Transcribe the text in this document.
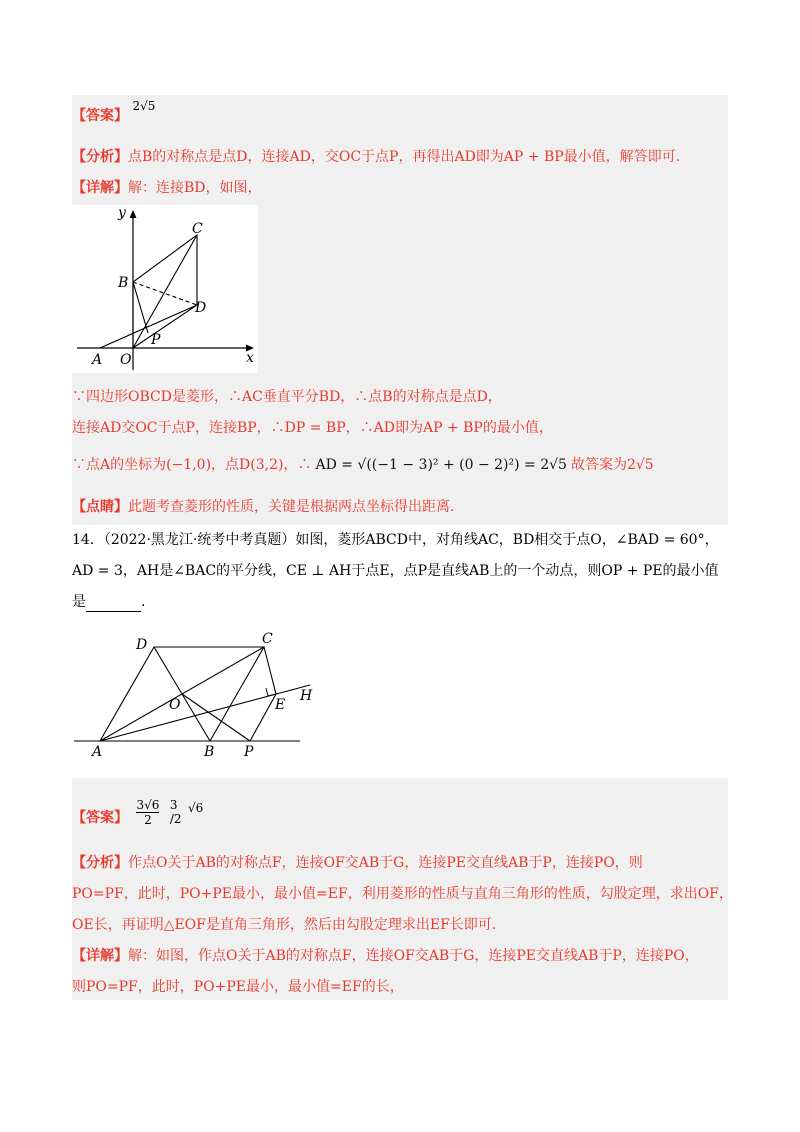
【答案】 2√5
【分析】点B的对称点是点D，连接AD，交OC于点P，再得出AD即为AP + BP最小值，解答即可.
【详解】解：连接BD，如图，
y
x
C
B
D
P
A O
∵四边形OBCD是菱形，∴AC垂直平分BD，∴点B的对称点是点D，
连接AD交OC于点P，连接BP，∴DP = BP，∴AD即为AP + BP的最小值，
∵点A的坐标为(−1,0)，点D(3,2)，∴ AD = √((−1 − 3)² + (0 − 2)²) = 2√5 故答案为2√5
【点睛】此题考查菱形的性质，关键是根据两点坐标得出距离.
14．（2022·黑龙江·统考中考真题）如图，菱形ABCD中，对角线AC，BD相交于点O，∠BAD = 60°，
AD = 3，AH是∠BAC的平分线，CE ⊥ AH于点E，点P是直线AB上的一个动点，则OP + PE的最小值
是	.
D	C
O	E
H
A	B P
【答案】 $\frac{3√6}{2}$
3
/2
√6
【分析】作点O关于AB的对称点F，连接OF交AB于G，连接PE交直线AB于P，连接PO，则
PO=PF，此时，PO+PE最小，最小值=EF，利用菱形的性质与直角三角形的性质，勾股定理，求出OF，
OE长，再证明△EOF是直角三角形，然后由勾股定理求出EF长即可.
【详解】解：如图，作点O关于AB的对称点F，连接OF交AB于G，连接PE交直线AB于P，连接PO，
则PO=PF，此时，PO+PE最小，最小值=EF的长，
